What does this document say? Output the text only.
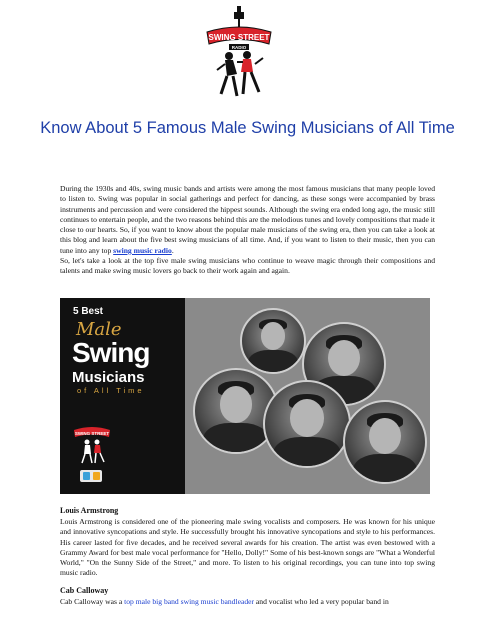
SWING STREET
RADIO
Know About 5 Famous Male Swing Musicians of All Time

During the 1930s and 40s, swing music bands and artists were among the most famous musicians that many people loved to listen to. Swing was popular in social gatherings and perfect for dancing, as these songs were accompanied by brass instruments and percussion and were considered the hippest sounds. Although the swing era ended long ago, the music still continues to entertain people, and the two reasons behind this are the melodious tunes and lovely compositions that made it close to our hearts. So, if you want to know about the popular male musicians of the swing era, then you can take a look at this blog and learn about the five best swing musicians of all time. And, if you want to listen to their music, then you can tune into any top swing music radio.

So, let's take a look at the top five male swing musicians who continue to weave magic through their compositions and talents and make swing music lovers go back to their work again and again.

5 Best
Male
Swing
Musicians
of All Time
SWING STREET
Louis Armstrong

Louis Armstrong is considered one of the pioneering male swing vocalists and composers. He was known for his unique and innovative syncopations and style. He successfully brought his innovative syncopations and style to his performances. His career lasted for five decades, and he received several awards for his creation. The artist was even bestowed with a Grammy Award for best male vocal performance for "Hello, Dolly!" Some of his best-known songs are "What a Wonderful World," "On the Sunny Side of the Street," and more. To listen to his original recordings, you can tune into top swing music radio.

Cab Calloway

Cab Calloway was a top male big band swing music bandleader and vocalist who led a very popular band in
